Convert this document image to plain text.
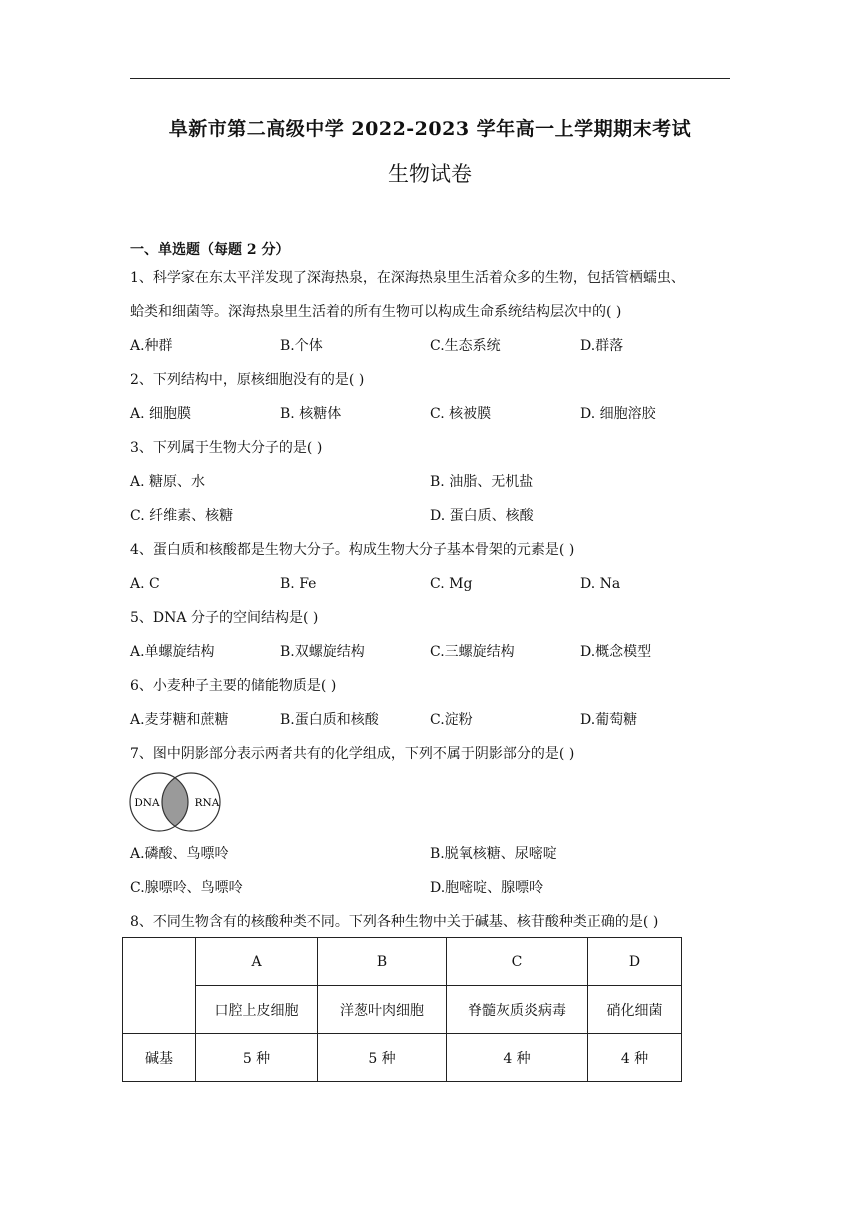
阜新市第二高级中学 2022-2023 学年高一上学期期末考试
生物试卷
一、单选题（每题 2 分）
1、科学家在东太平洋发现了深海热泉，在深海热泉里生活着众多的生物，包括管栖蠕虫、
蛤类和细菌等。深海热泉里生活着的所有生物可以构成生命系统结构层次中的( )
A.种群	B.个体	C.生态系统	D.群落
2、下列结构中，原核细胞没有的是( )
A. 细胞膜	B. 核糖体	C. 核被膜	D. 细胞溶胶
3、下列属于生物大分子的是( )
A. 糖原、水	B. 油脂、无机盐
C. 纤维素、核糖	D. 蛋白质、核酸
4、蛋白质和核酸都是生物大分子。构成生物大分子基本骨架的元素是( )
A. C	B. Fe	C. Mg	D. Na
5、DNA 分子的空间结构是( )
A.单螺旋结构	B.双螺旋结构	C.三螺旋结构	D.概念模型
6、小麦种子主要的储能物质是( )
A.麦芽糖和蔗糖	B.蛋白质和核酸	C.淀粉	D.葡萄糖
7、图中阴影部分表示两者共有的化学组成，下列不属于阴影部分的是( )
DNA	RNA
A.磷酸、鸟嘌呤	B.脱氧核糖、尿嘧啶
C.腺嘌呤、鸟嘌呤	D.胞嘧啶、腺嘌呤
8、不同生物含有的核酸种类不同。下列各种生物中关于碱基、核苷酸种类正确的是( )
	A	B	C	D
	口腔上皮细胞	洋葱叶肉细胞	脊髓灰质炎病毒	硝化细菌
碱基	5 种	5 种	4 种	4 种
